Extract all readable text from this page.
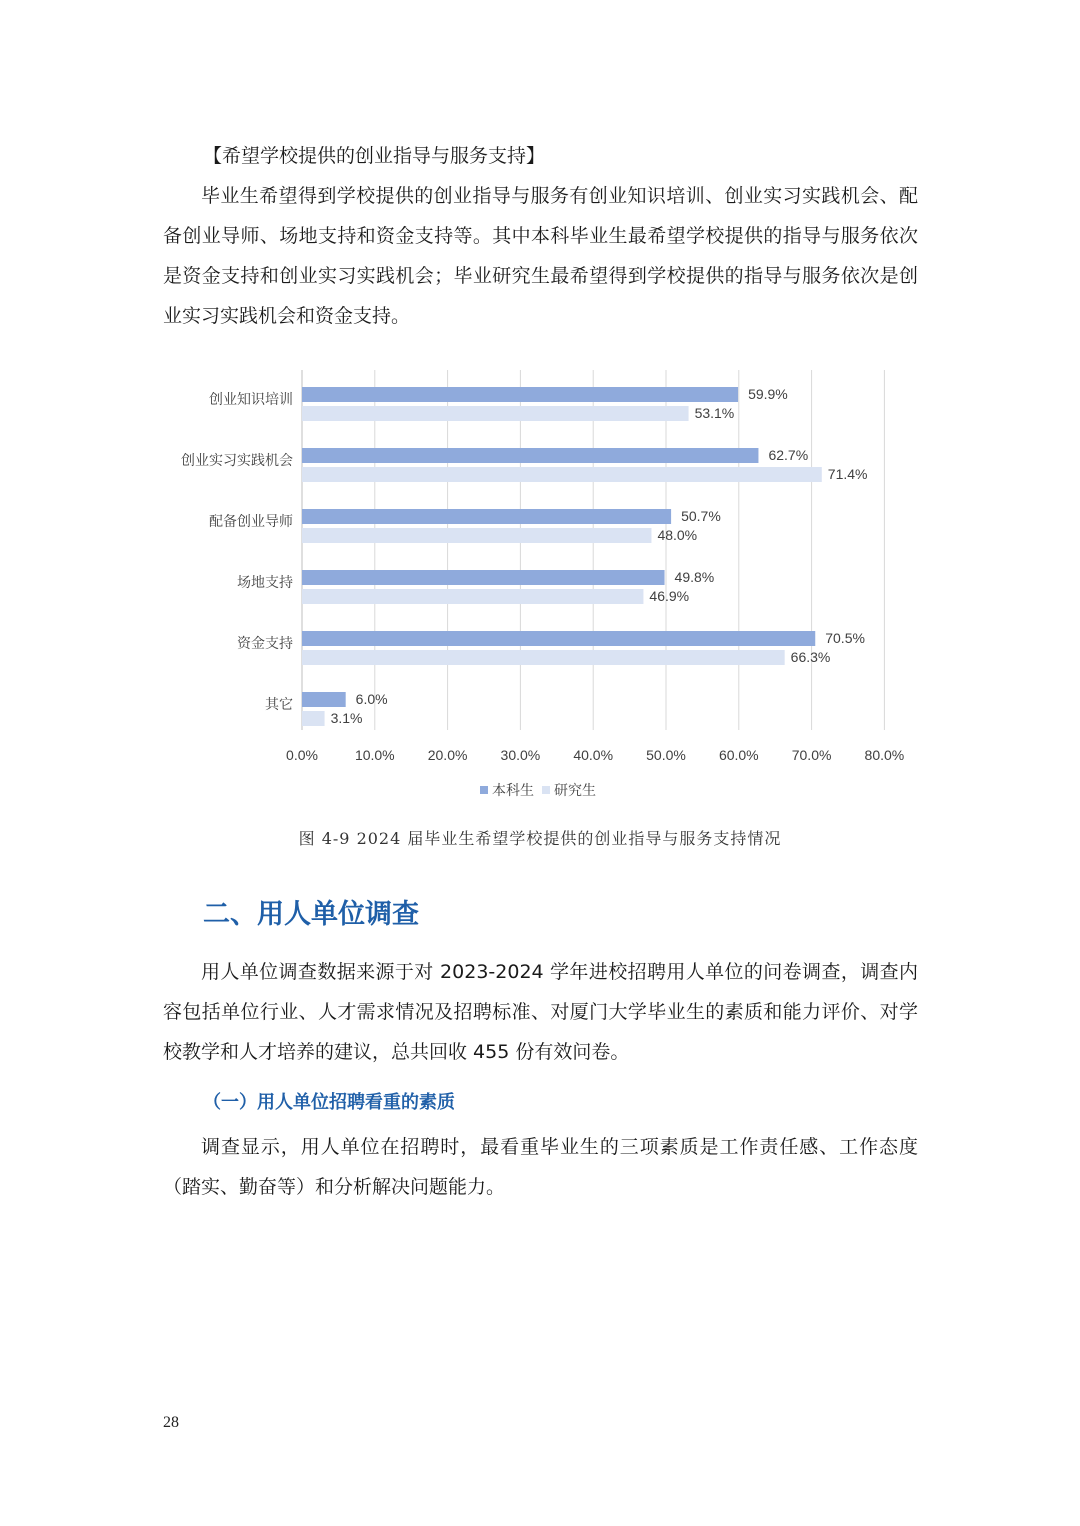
【希望学校提供的创业指导与服务支持】

毕业生希望得到学校提供的创业指导与服务有创业知识培训、创业实习实践机会、配备创业导师、场地支持和资金支持等。其中本科毕业生最希望学校提供的指导与服务依次是资金支持和创业实习实践机会；毕业研究生最希望得到学校提供的指导与服务依次是创业实习实践机会和资金支持。

59.9%
53.1%
62.7%
71.4%
50.7%
48.0%
49.8%
46.9%
70.5%
66.3%
6.0%
3.1%
创业知识培训
创业实习实践机会
配备创业导师
场地支持
资金支持
其它
0.0%	10.0% 20.0% 30.0% 40.0% 50.0% 60.0% 70.0% 80.0%
本科生 研究生
图 4-9 2024 届毕业生希望学校提供的创业指导与服务支持情况
二、用人单位调查

用人单位调查数据来源于对 2023-2024 学年进校招聘用人单位的问卷调查，调查内容包括单位行业、人才需求情况及招聘标准、对厦门大学毕业生的素质和能力评价、对学校教学和人才培养的建议，总共回收 455 份有效问卷。

（一）用人单位招聘看重的素质

调查显示，用人单位在招聘时，最看重毕业生的三项素质是工作责任感、工作态度（踏实、勤奋等）和分析解决问题能力。

28
